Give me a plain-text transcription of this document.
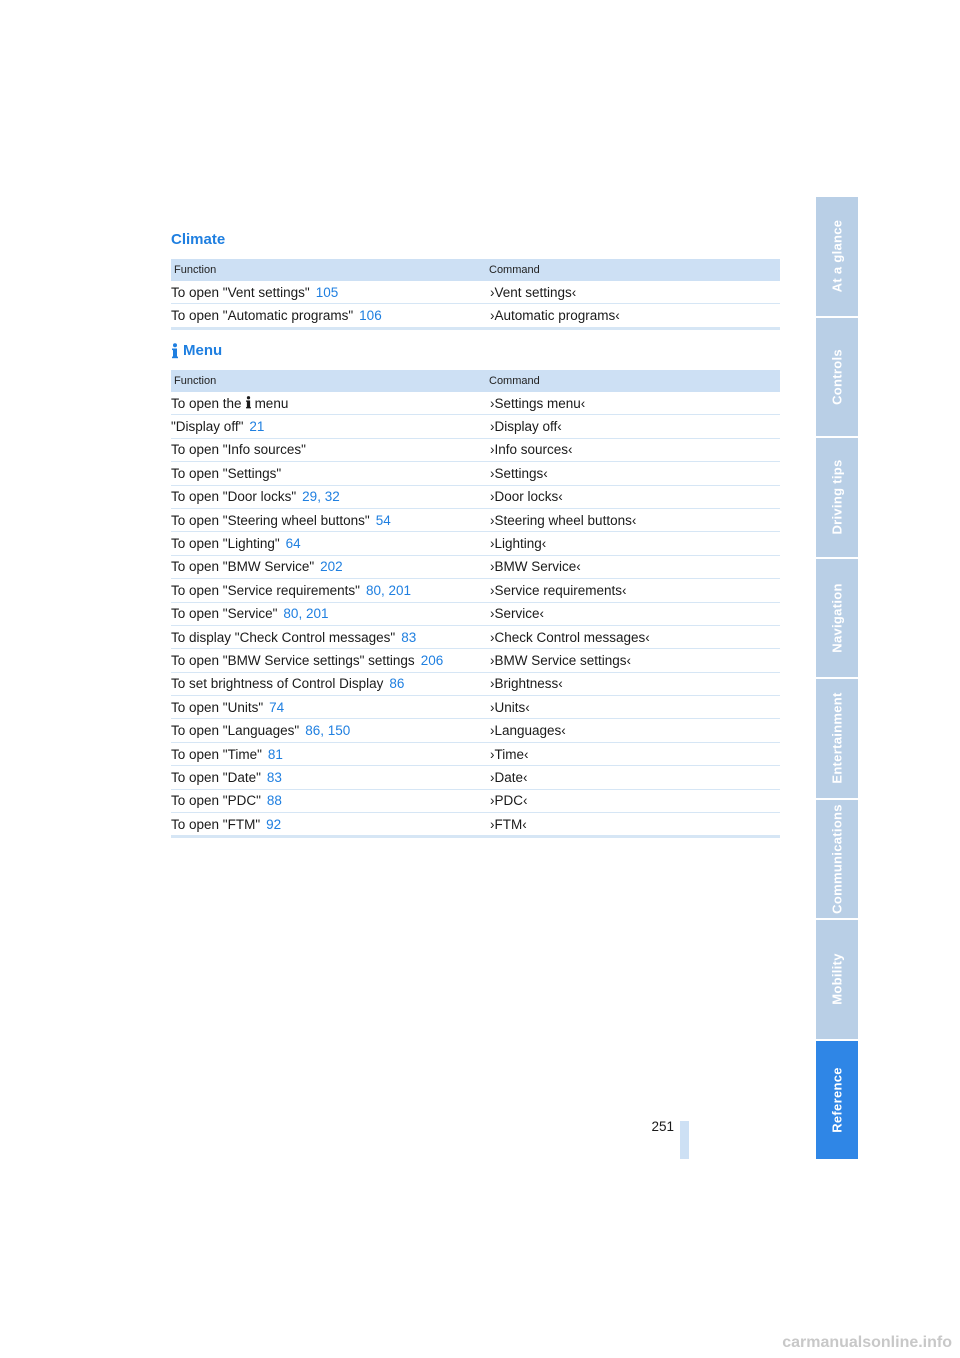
Climate
Function	Command
To open "Vent settings" 105	›Vent settings‹
To open "Automatic programs" 106	›Automatic programs‹
Menu
Function	Command
To open the menu	›Settings menu‹
"Display off" 21	›Display off‹
To open "Info sources"	›Info sources‹
To open "Settings"	›Settings‹
To open "Door locks" 29, 32	›Door locks‹
To open "Steering wheel buttons" 54	›Steering wheel buttons‹
To open "Lighting" 64	›Lighting‹
To open "BMW Service" 202	›BMW Service‹
To open "Service requirements" 80, 201	›Service requirements‹
To open "Service" 80, 201	›Service‹
To display "Check Control messages" 83	›Check Control messages‹
To open "BMW Service settings" settings 206	›BMW Service settings‹
To set brightness of Control Display 86	›Brightness‹
To open "Units" 74	›Units‹
To open "Languages" 86, 150	›Languages‹
To open "Time" 81	›Time‹
To open "Date" 83	›Date‹
To open "PDC" 88	›PDC‹
To open "FTM" 92	›FTM‹
At a glance
Controls
Driving tips
Navigation
Entertainment
Communications
Mobility
Reference
251
carmanualsonline.info
